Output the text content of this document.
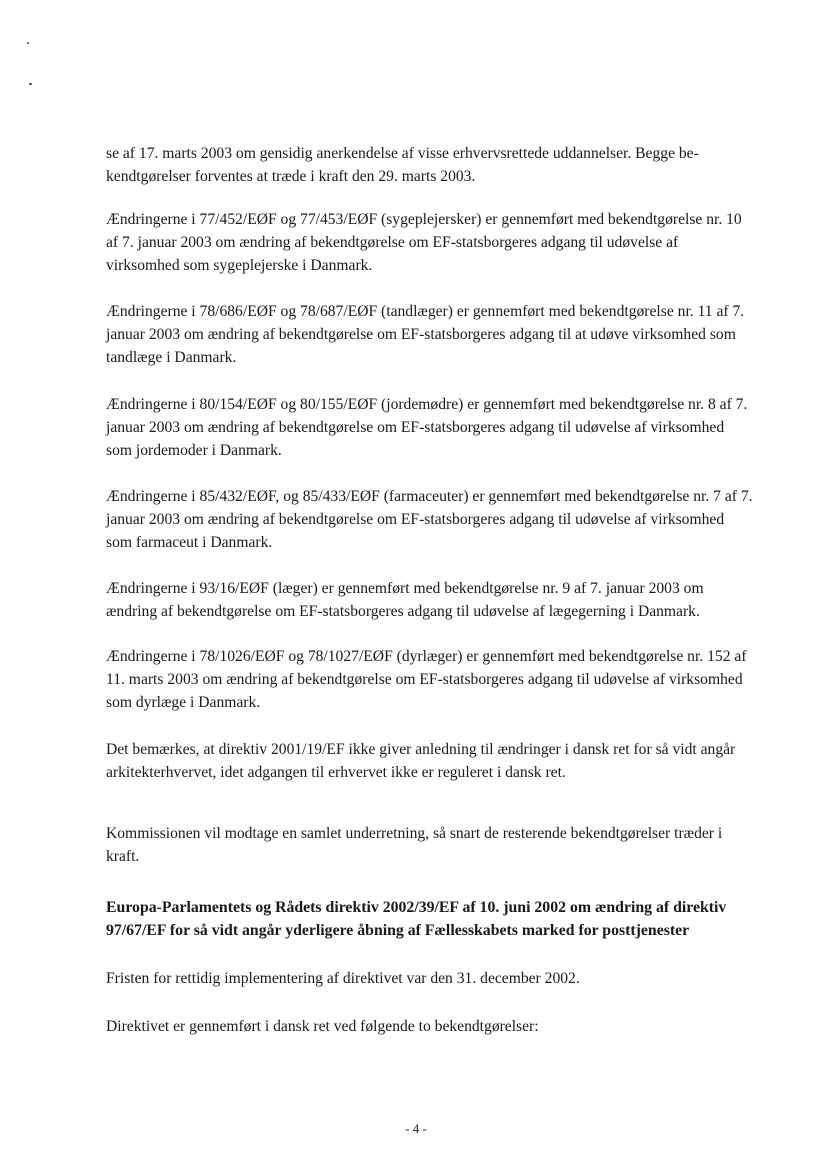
se af 17. marts 2003 om gensidig anerkendelse af visse erhvervsrettede uddannelser. Begge bekendtgørelser forventes at træde i kraft den 29. marts 2003.

Ændringerne i 77/452/EØF og 77/453/EØF (sygeplejersker) er gennemført med bekendtgørelse nr. 10 af 7. januar 2003 om ændring af bekendtgørelse om EF-statsborgeres adgang til udøvelse af virksomhed som sygeplejerske i Danmark.

Ændringerne i 78/686/EØF og 78/687/EØF (tandlæger) er gennemført med bekendtgørelse nr. 11 af 7. januar 2003 om ændring af bekendtgørelse om EF-statsborgeres adgang til at udøve virksomhed som tandlæge i Danmark.

Ændringerne i 80/154/EØF og 80/155/EØF (jordemødre) er gennemført med bekendtgørelse nr. 8 af 7. januar 2003 om ændring af bekendtgørelse om EF-statsborgeres adgang til udøvelse af virksomhed som jordemoder i Danmark.

Ændringerne i 85/432/EØF, og 85/433/EØF (farmaceuter) er gennemført med bekendtgørelse nr. 7 af 7. januar 2003 om ændring af bekendtgørelse om EF-statsborgeres adgang til udøvelse af virksomhed som farmaceut i Danmark.

Ændringerne i 93/16/EØF (læger) er gennemført med bekendtgørelse nr. 9 af 7. januar 2003 om ændring af bekendtgørelse om EF-statsborgeres adgang til udøvelse af lægegerning i Danmark.

Ændringerne i 78/1026/EØF og 78/1027/EØF (dyrlæger) er gennemført med bekendtgørelse nr. 152 af 11. marts 2003 om ændring af bekendtgørelse om EF-statsborgeres adgang til udøvelse af virksomhed som dyrlæge i Danmark.

Det bemærkes, at direktiv 2001/19/EF ikke giver anledning til ændringer i dansk ret for så vidt angår arkitekterhvervet, idet adgangen til erhvervet ikke er reguleret i dansk ret.

Kommissionen vil modtage en samlet underretning, så snart de resterende bekendtgørelser træder i kraft.

Europa-Parlamentets og Rådets direktiv 2002/39/EF af 10. juni 2002 om ændring af direktiv 97/67/EF for så vidt angår yderligere åbning af Fællesskabets marked for posttjenester

Fristen for rettidig implementering af direktivet var den 31. december 2002.

Direktivet er gennemført i dansk ret ved følgende to bekendtgørelser:

- 4 -
